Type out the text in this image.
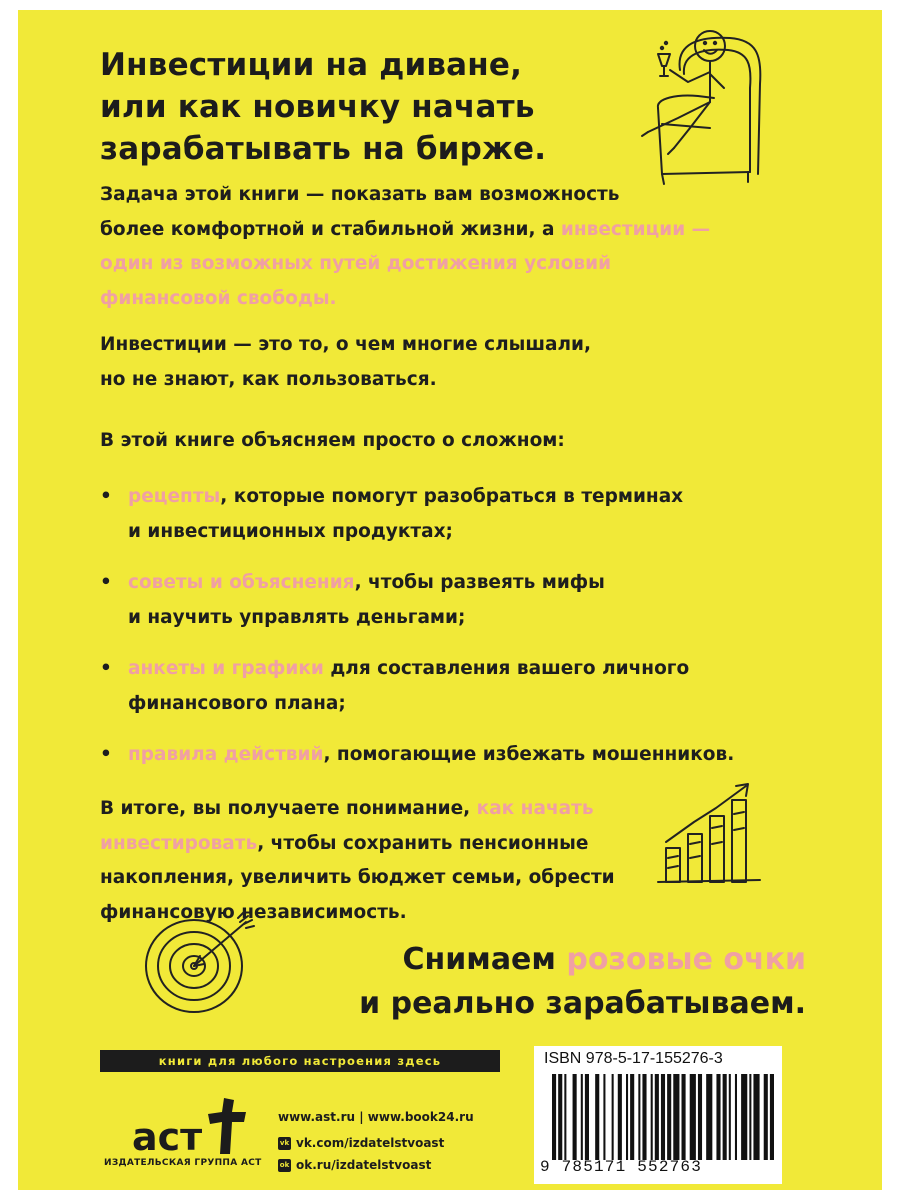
Инвестиции на диване,
или как новичку начать
зарабатывать на бирже.
Задача этой книги — показать вам возможность
более комфортной и стабильной жизни, а инвестиции —
один из возможных путей достижения условий
финансовой свободы.
Инвестиции — это то, о чем многие слышали,
но не знают, как пользоваться.
В этой книге объясняем просто о сложном:
• рецепты, которые помогут разобраться в терминах
и инвестиционных продуктах;
• советы и объяснения, чтобы развеять мифы
и научить управлять деньгами;
• анкеты и графики для составления вашего личного
финансового плана;
• правила действий, помогающие избежать мошенников.
В итоге, вы получаете понимание, как начать
инвестировать, чтобы сохранить пенсионные
накопления, увеличить бюджет семьи, обрести
финансовую независимость.
Снимаем розовые очки
и реально зарабатываем.
книги для любого настроения здесь
аст
ИЗДАТЕЛЬСКАЯ ГРУППА АСТ
www.ast.ru | www.book24.ru
vk vk.com/izdatelstvoast
ok ok.ru/izdatelstvoast
ISBN 978-5-17-155276-3
9 785171 552763
